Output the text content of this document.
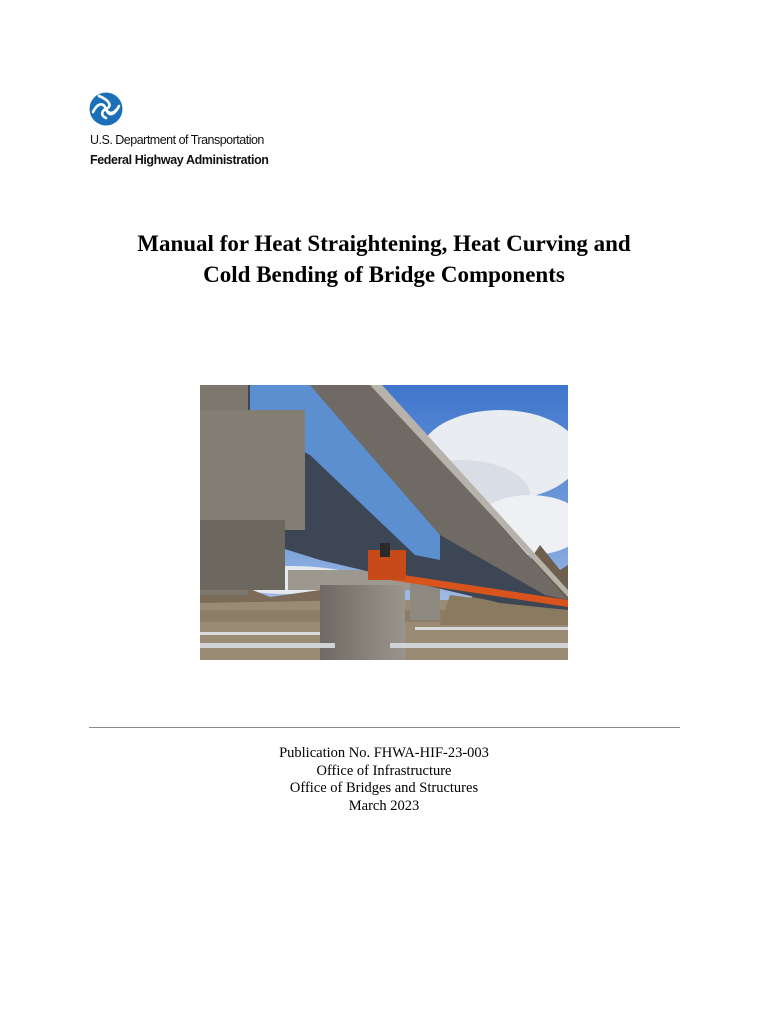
U.S. Department of Transportation
Federal Highway Administration
Manual for Heat Straightening, Heat Curving and
Cold Bending of Bridge Components
Publication No. FHWA-HIF-23-003
Office of Infrastructure
Office of Bridges and Structures
March 2023
